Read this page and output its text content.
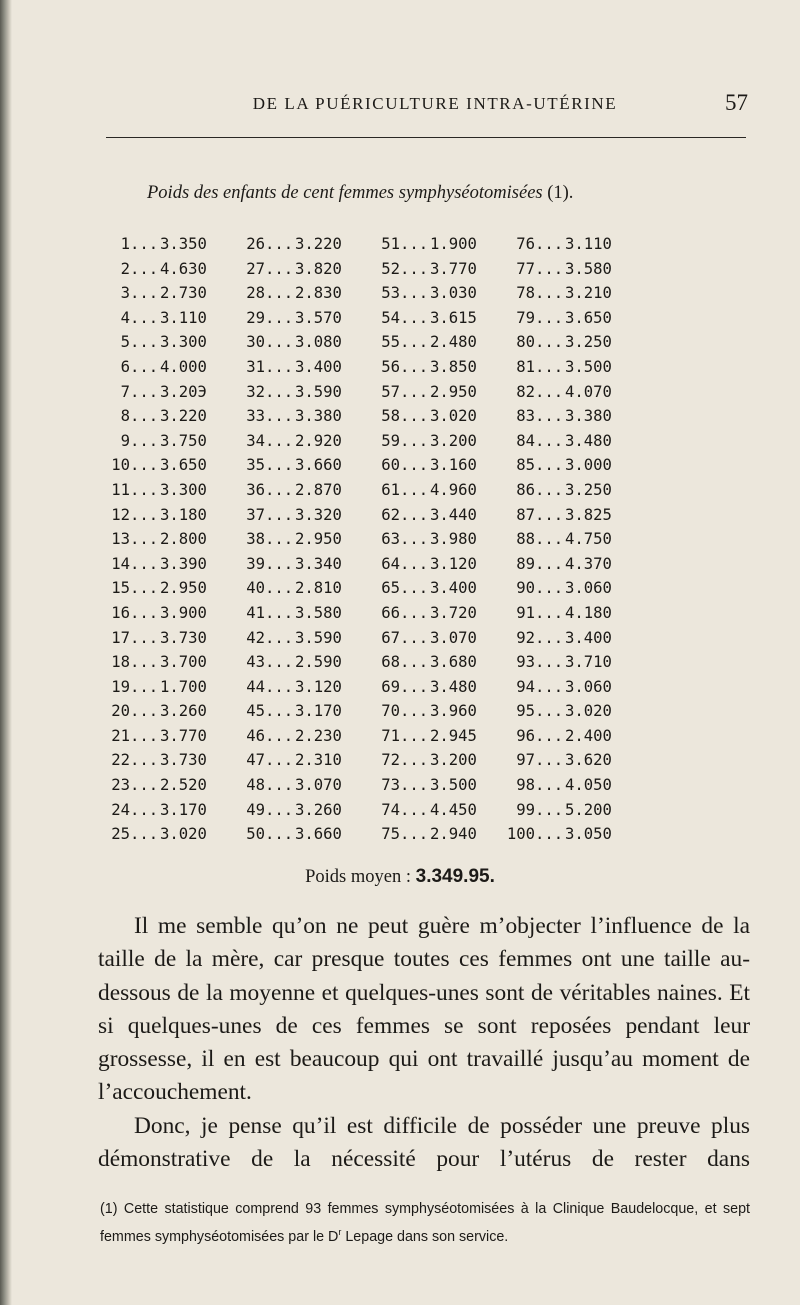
DE LA PUÉRICULTURE INTRA-UTÉRINE	57
Poids des enfants de cent femmes symphyséotomisées (1).
1... 3.350	26... 3.220	51... 1.900	76... 3.110
2... 4.630	27... 3.820	52... 3.770	77... 3.580
3... 2.730	28... 2.830	53... 3.030	78... 3.210
4... 3.110	29... 3.570	54... 3.615	79... 3.650
5... 3.300	30... 3.080	55... 2.480	80... 3.250
6... 4.000	31... 3.400	56... 3.850	81... 3.500
7... 3.20Э	32... 3.590	57... 2.950	82... 4.070
8... 3.220	33... 3.380	58... 3.020	83... 3.380
9... 3.750	34... 2.920	59... 3.200	84... 3.480
10... 3.650	35... 3.660	60... 3.160	85... 3.000
11... 3.300	36... 2.870	61... 4.960	86... 3.250
12... 3.180	37... 3.320	62... 3.440	87... 3.825
13... 2.800	38... 2.950	63... 3.980	88... 4.750
14... 3.390	39... 3.340	64... 3.120	89... 4.370
15... 2.950	40... 2.810	65... 3.400	90... 3.060
16... 3.900	41... 3.580	66... 3.720	91... 4.180
17... 3.730	42... 3.590	67... 3.070	92... 3.400
18... 3.700	43... 2.590	68... 3.680	93... 3.710
19... 1.700	44... 3.120	69... 3.480	94... 3.060
20... 3.260	45... 3.170	70... 3.960	95... 3.020
21... 3.770	46... 2.230	71... 2.945	96... 2.400
22... 3.730	47... 2.310	72... 3.200	97... 3.620
23... 2.520	48... 3.070	73... 3.500	98... 4.050
24... 3.170	49... 3.260	74... 4.450	99... 5.200
25... 3.020	50... 3.660	75... 2.940 100... 3.050
Poids moyen : 3.349.95.

Il me semble qu’on ne peut guère m’objecter l’influence de la taille de la mère, car presque toutes ces femmes ont une taille au-dessous de la moyenne et quelques-unes sont de véritables naines. Et si quelques-unes de ces femmes se sont reposées pendant leur grossesse, il en est beaucoup qui ont travaillé jusqu’au moment de l’accouchement.

Donc, je pense qu’il est difficile de posséder une preuve plus démonstrative de la nécessité pour l’utérus de rester dans

(1) Cette statistique comprend 93 femmes symphyséotomisées à la Clinique Baudelocque, et sept femmes symphyséotomisées par le $D^r$ Lepage dans son service.
